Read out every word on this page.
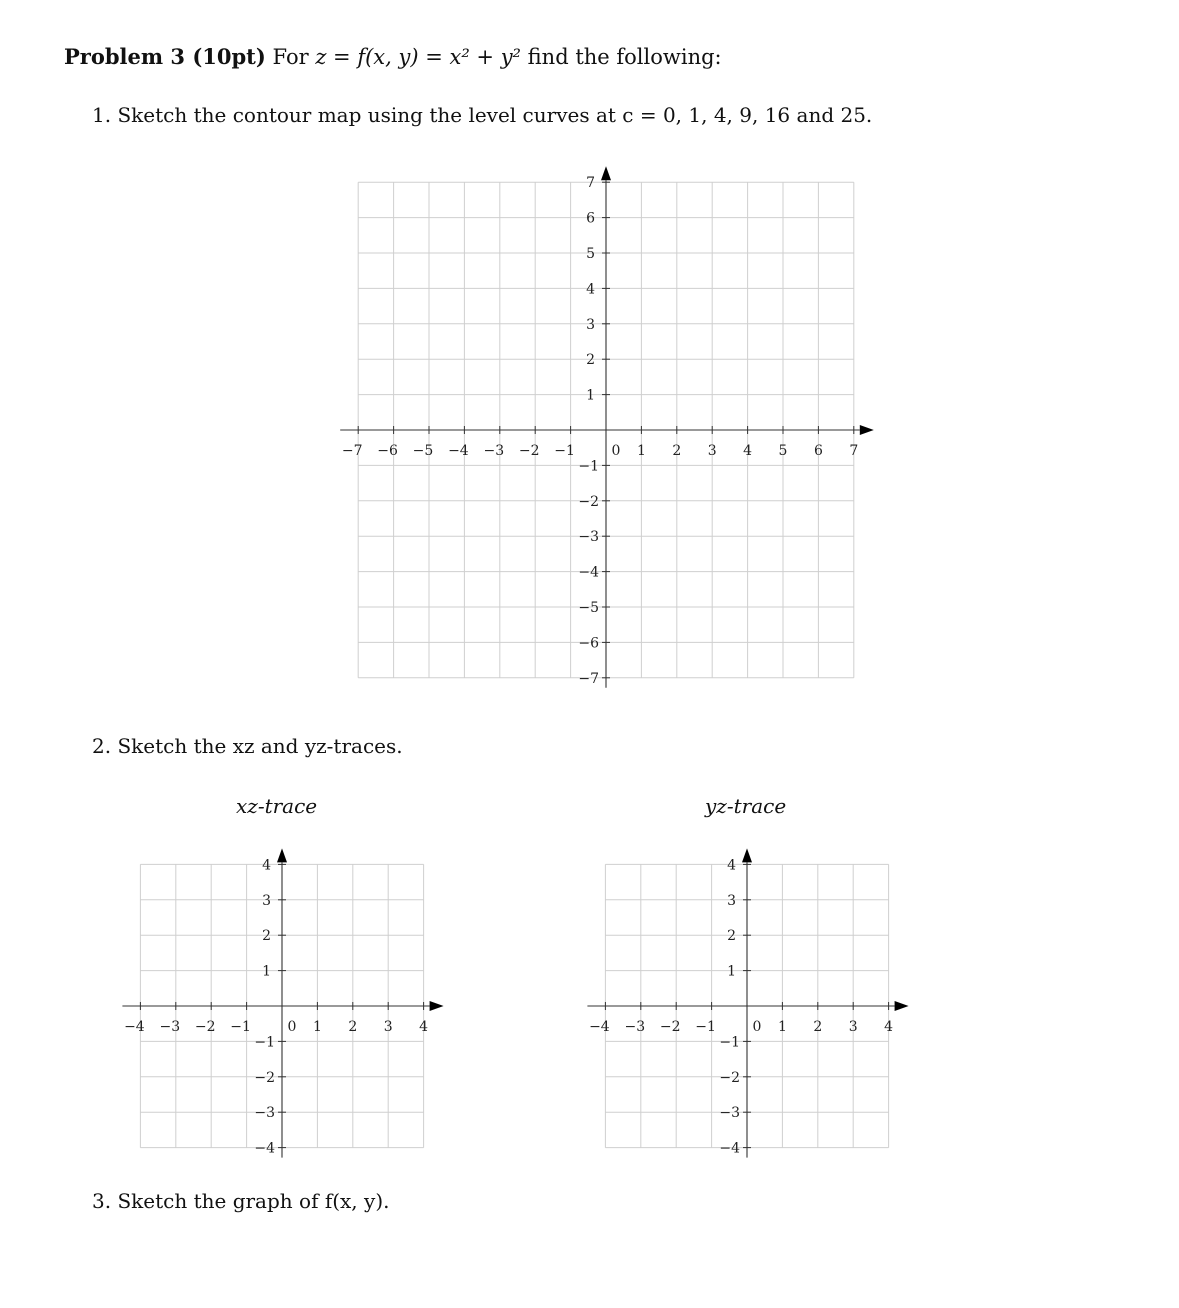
Problem 3 (10pt) For z = f(x, y) = x² + y² find the following:
1. Sketch the contour map using the level curves at c = 0, 1, 4, 9, 16 and 25.
−7 −6 −5 −4 −3 −2 −1	0 1 2 3 4 5 6 7
1
2
3
4
5
6
7
−1
−2
−3
−4
−5
−6
−7
2. Sketch the xz and yz-traces.
xz-trace	yz-trace
−4 −3 −2 −1	0 1 2 3 4
1
2
3
4
−1
−2
−3
−4
−4 −3 −2 −1	0 1 2 3 4
1
2
3
4
−1
−2
−3
−4
3. Sketch the graph of f(x, y).
